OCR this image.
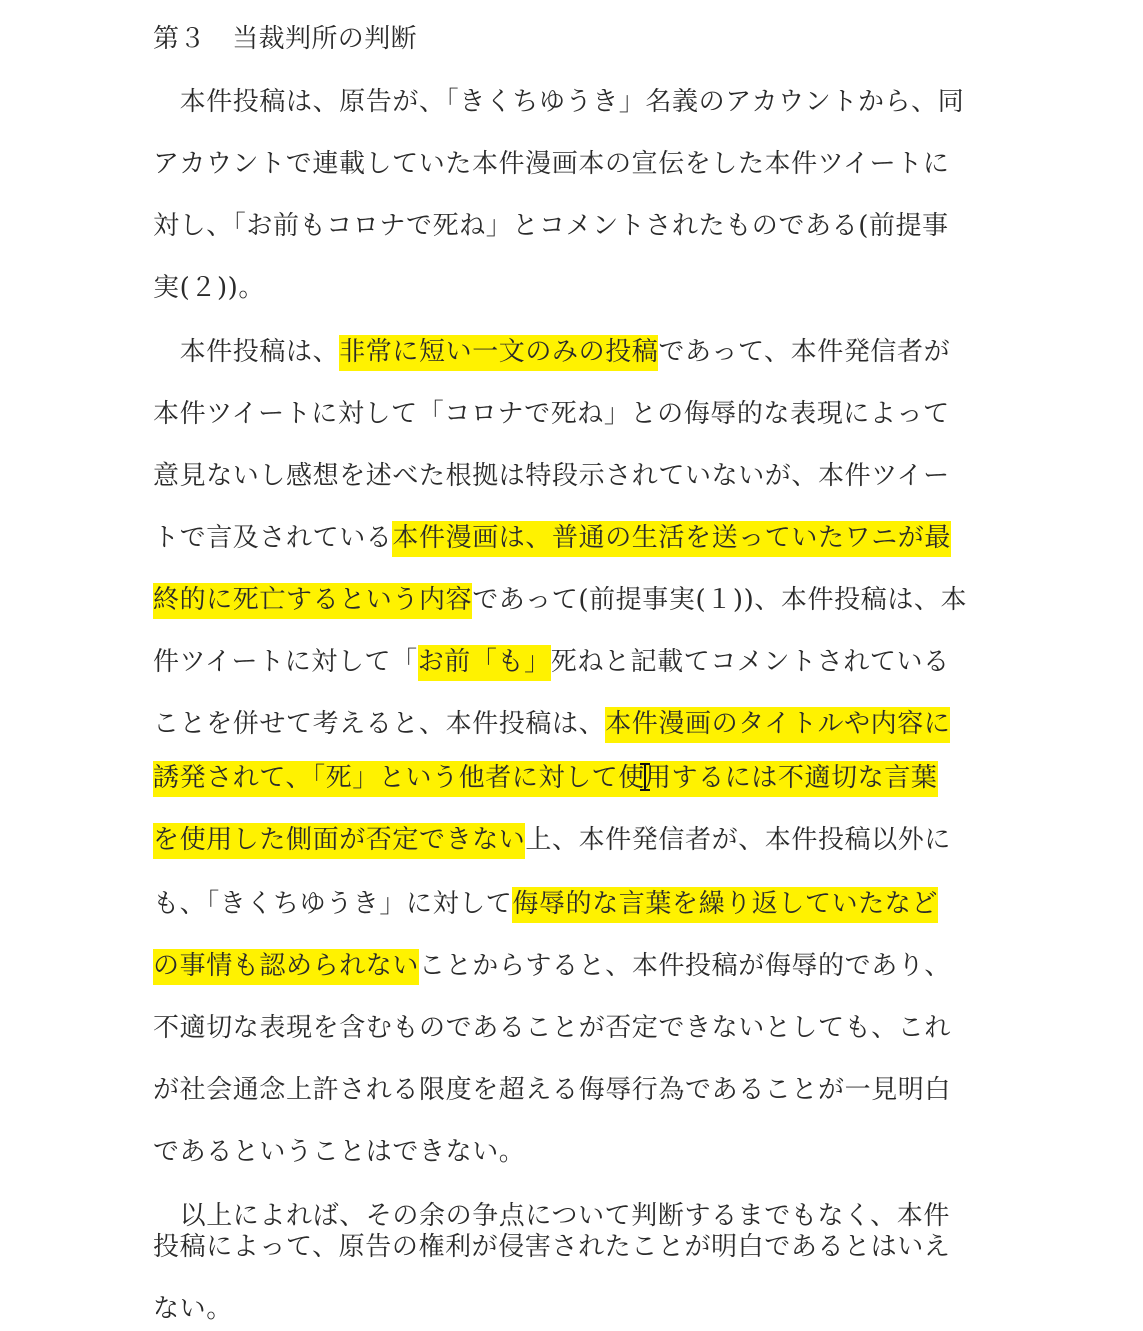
第３　当裁判所の判断
　本件投稿は、原告が、「きくちゆうき」名義のアカウントから、同
アカウントで連載していた本件漫画本の宣伝をした本件ツイートに
対し、「お前もコロナで死ね」とコメントされたものである(前提事
実(２))。
　本件投稿は、非常に短い一文のみの投稿であって、本件発信者が
本件ツイートに対して「コロナで死ね」との侮辱的な表現によって
意見ないし感想を述べた根拠は特段示されていないが、本件ツイー
トで言及されている本件漫画は、普通の生活を送っていたワニが最
終的に死亡するという内容であって(前提事実(１))、本件投稿は、本
件ツイートに対して「お前「も」死ねと記載てコメントされている
ことを併せて考えると、本件投稿は、本件漫画のタイトルや内容に
誘発されて、「死」という他者に対して使
用するには不適切な言葉
を使用した側面が否定できない上、本件発信者が、本件投稿以外に
も、「きくちゆうき」に対して侮辱的な言葉を繰り返していたなど
の事情も認められないことからすると、本件投稿が侮辱的であり、
不適切な表現を含むものであることが否定できないとしても、これ
が社会通念上許される限度を超える侮辱行為であることが一見明白
であるということはできない。
　以上によれば、その余の争点について判断するまでもなく、本件
投稿によって、原告の権利が侵害されたことが明白であるとはいえ
ない。
